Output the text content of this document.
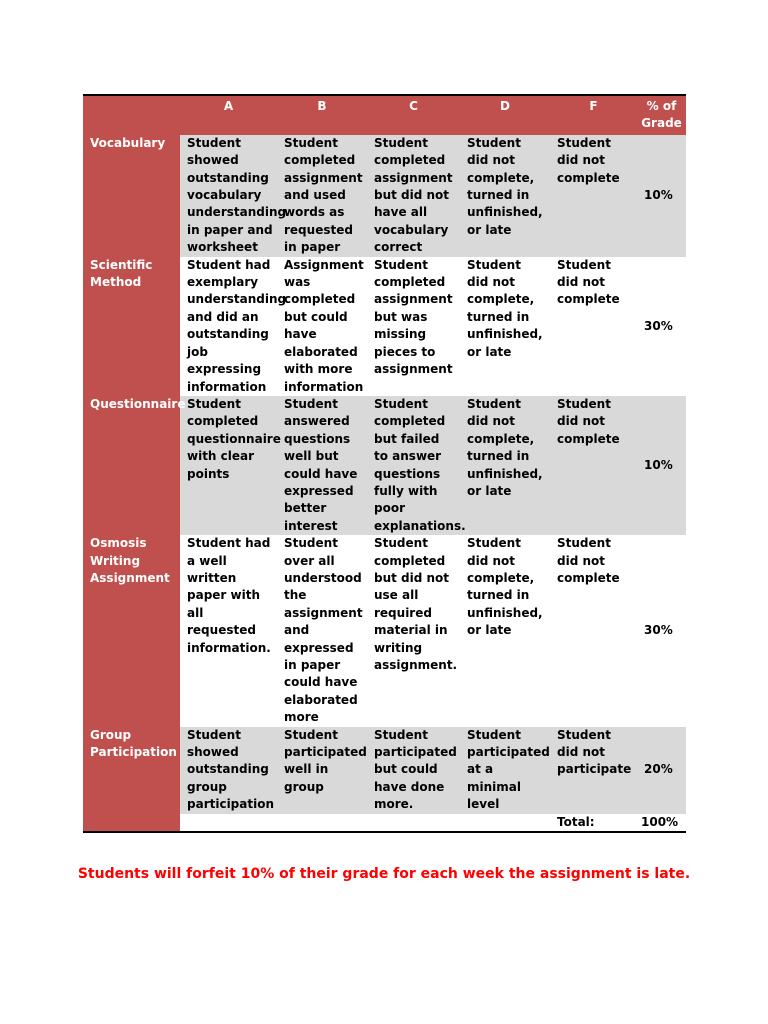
	A	B	C	D	F	% of Grade
Vocabulary	Student showed outstanding vocabulary understanding in paper and worksheet	Student completed assignment and used words as requested in paper	Student completed assignment but did not have all vocabulary correct	Student did not complete, turned in unfinished, or late	Student did not complete	10%
Scientific Method	Student had exemplary understanding and did an outstanding job expressing information	Assignment was completed but could have elaborated with more information	Student completed assignment but was missing pieces to assignment	Student did not complete, turned in unfinished, or late	Student did not complete	30%
Questionnaire	Student completed questionnaire with clear points	Student answered questions well but could have expressed better interest	Student completed but failed to answer questions fully with poor explanations.	Student did not complete, turned in unfinished, or late	Student did not complete	10%
Osmosis Writing Assignment	Student had a well written paper with all requested information.	Student over all understood the assignment and expressed in paper could have elaborated more	Student completed but did not use all required material in writing assignment.	Student did not complete, turned in unfinished, or late	Student did not complete	30%
Group Participation	Student showed outstanding group participation	Student participated well in group	Student participated but could have done more.	Student participated at a minimal level	Student did not participate	20%
					Total:	100%
Students will forfeit 10% of their grade for each week the assignment is late.
